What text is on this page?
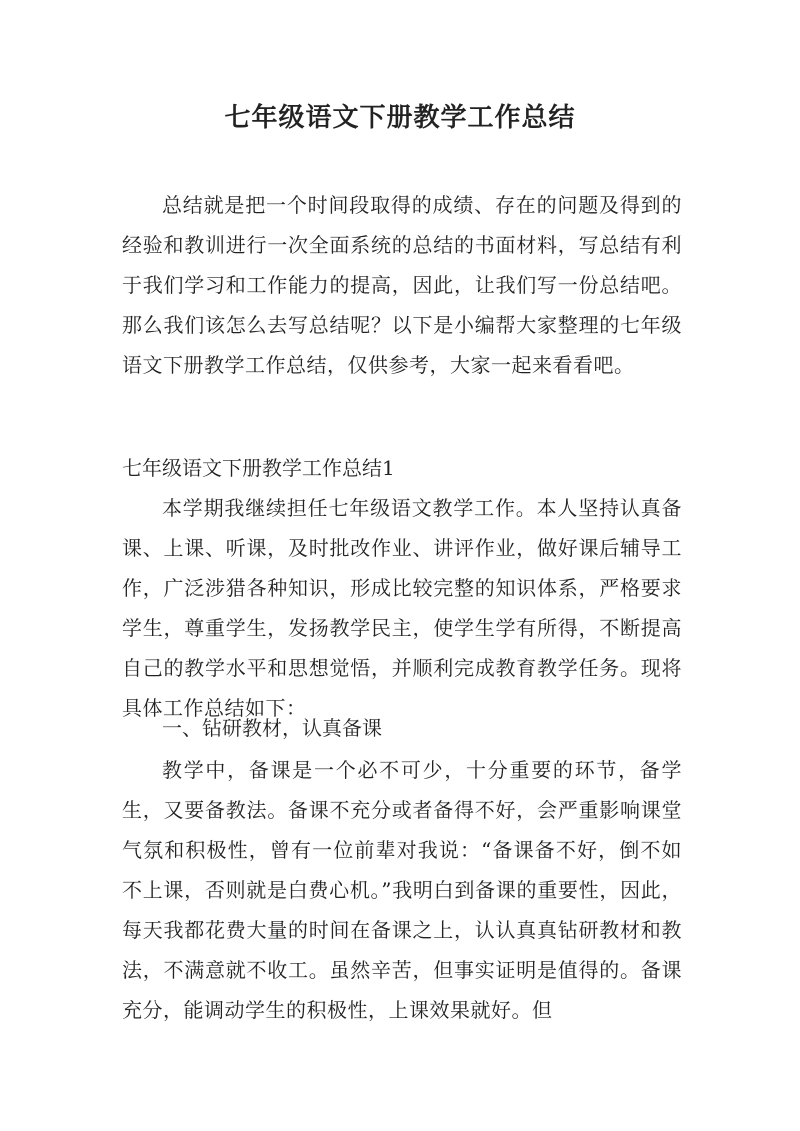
七年级语文下册教学工作总结

总结就是把一个时间段取得的成绩、存在的问题及得到的经验和教训进行一次全面系统的总结的书面材料，写总结有利于我们学习和工作能力的提高，因此，让我们写一份总结吧。那么我们该怎么去写总结呢？以下是小编帮大家整理的七年级语文下册教学工作总结，仅供参考，大家一起来看看吧。

七年级语文下册教学工作总结1

本学期我继续担任七年级语文教学工作。本人坚持认真备课、上课、听课，及时批改作业、讲评作业，做好课后辅导工作，广泛涉猎各种知识，形成比较完整的知识体系，严格要求学生，尊重学生，发扬教学民主，使学生学有所得，不断提高自己的教学水平和思想觉悟，并顺利完成教育教学任务。现将具体工作总结如下：

一、钻研教材，认真备课

教学中，备课是一个必不可少，十分重要的环节，备学生，又要备教法。备课不充分或者备得不好，会严重影响课堂气氛和积极性，曾有一位前辈对我说：“备课备不好，倒不如不上课，否则就是白费心机。”我明白到备课的重要性，因此，每天我都花费大量的时间在备课之上，认认真真钻研教材和教法，不满意就不收工。虽然辛苦，但事实证明是值得的。备课充分，能调动学生的积极性，上课效果就好。但
